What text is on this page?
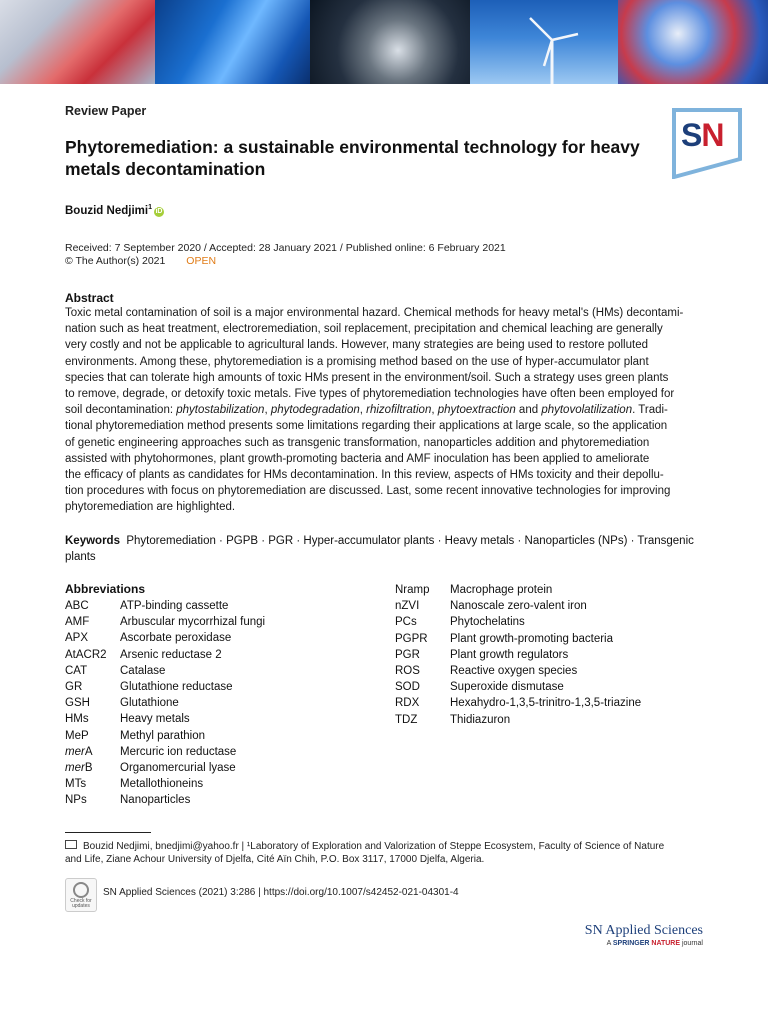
Review Paper
Phytoremediation: a sustainable environmental technology for heavy
metals decontamination
SN
Bouzid Nedjimi$^1$iD
Received: 7 September 2020 / Accepted: 28 January 2021 / Published online: 6 February 2021
© The Author(s) 2021 OPEN
Abstract
Toxic metal contamination of soil is a major environmental hazard. Chemical methods for heavy metal's (HMs) decontami-
nation such as heat treatment, electroremediation, soil replacement, precipitation and chemical leaching are generally
very costly and not be applicable to agricultural lands. However, many strategies are being used to restore polluted
environments. Among these, phytoremediation is a promising method based on the use of hyper-accumulator plant
species that can tolerate high amounts of toxic HMs present in the environment/soil. Such a strategy uses green plants
to remove, degrade, or detoxify toxic metals. Five types of phytoremediation technologies have often been employed for
soil decontamination: phytostabilization, phytodegradation, rhizofiltration, phytoextraction and phytovolatilization. Tradi-
tional phytoremediation method presents some limitations regarding their applications at large scale, so the application
of genetic engineering approaches such as transgenic transformation, nanoparticles addition and phytoremediation
assisted with phytohormones, plant growth-promoting bacteria and AMF inoculation has been applied to ameliorate
the efficacy of plants as candidates for HMs decontamination. In this review, aspects of HMs toxicity and their depollu-
tion procedures with focus on phytoremediation are discussed. Last, some recent innovative technologies for improving
phytoremediation are highlighted.
Keywords Phytoremediation · PGPB · PGR · Hyper-accumulator plants · Heavy metals · Nanoparticles (NPs) · Transgenic
plants
Abbreviations
ABC	ATP-binding cassette
AMF	Arbuscular mycorrhizal fungi
APX	Ascorbate peroxidase
AtACR2	Arsenic reductase 2
CAT	Catalase
GR	Glutathione reductase
GSH	Glutathione
HMs	Heavy metals
MeP	Methyl parathion
merA	Mercuric ion reductase
merB	Organomercurial lyase
MTs	Metallothioneins
NPs	Nanoparticles
Nramp	Macrophage protein
nZVI	Nanoscale zero-valent iron
PCs	Phytochelatins
PGPR	Plant growth-promoting bacteria
PGR	Plant growth regulators
ROS	Reactive oxygen species
SOD	Superoxide dismutase
RDX	Hexahydro-1,3,5-trinitro-1,3,5-triazine
TDZ	Thidiazuron
Bouzid Nedjimi, bnedjimi@yahoo.fr | ¹Laboratory of Exploration and Valorization of Steppe Ecosystem, Faculty of Science of Nature
and Life, Ziane Achour University of Djelfa, Cité Aïn Chih, P.O. Box 3117, 17000 Djelfa, Algeria.
Check for
updates
SN Applied Sciences (2021) 3:286 | https://doi.org/10.1007/s42452-021-04301-4
SN Applied Sciences
A SPRINGER NATURE journal
